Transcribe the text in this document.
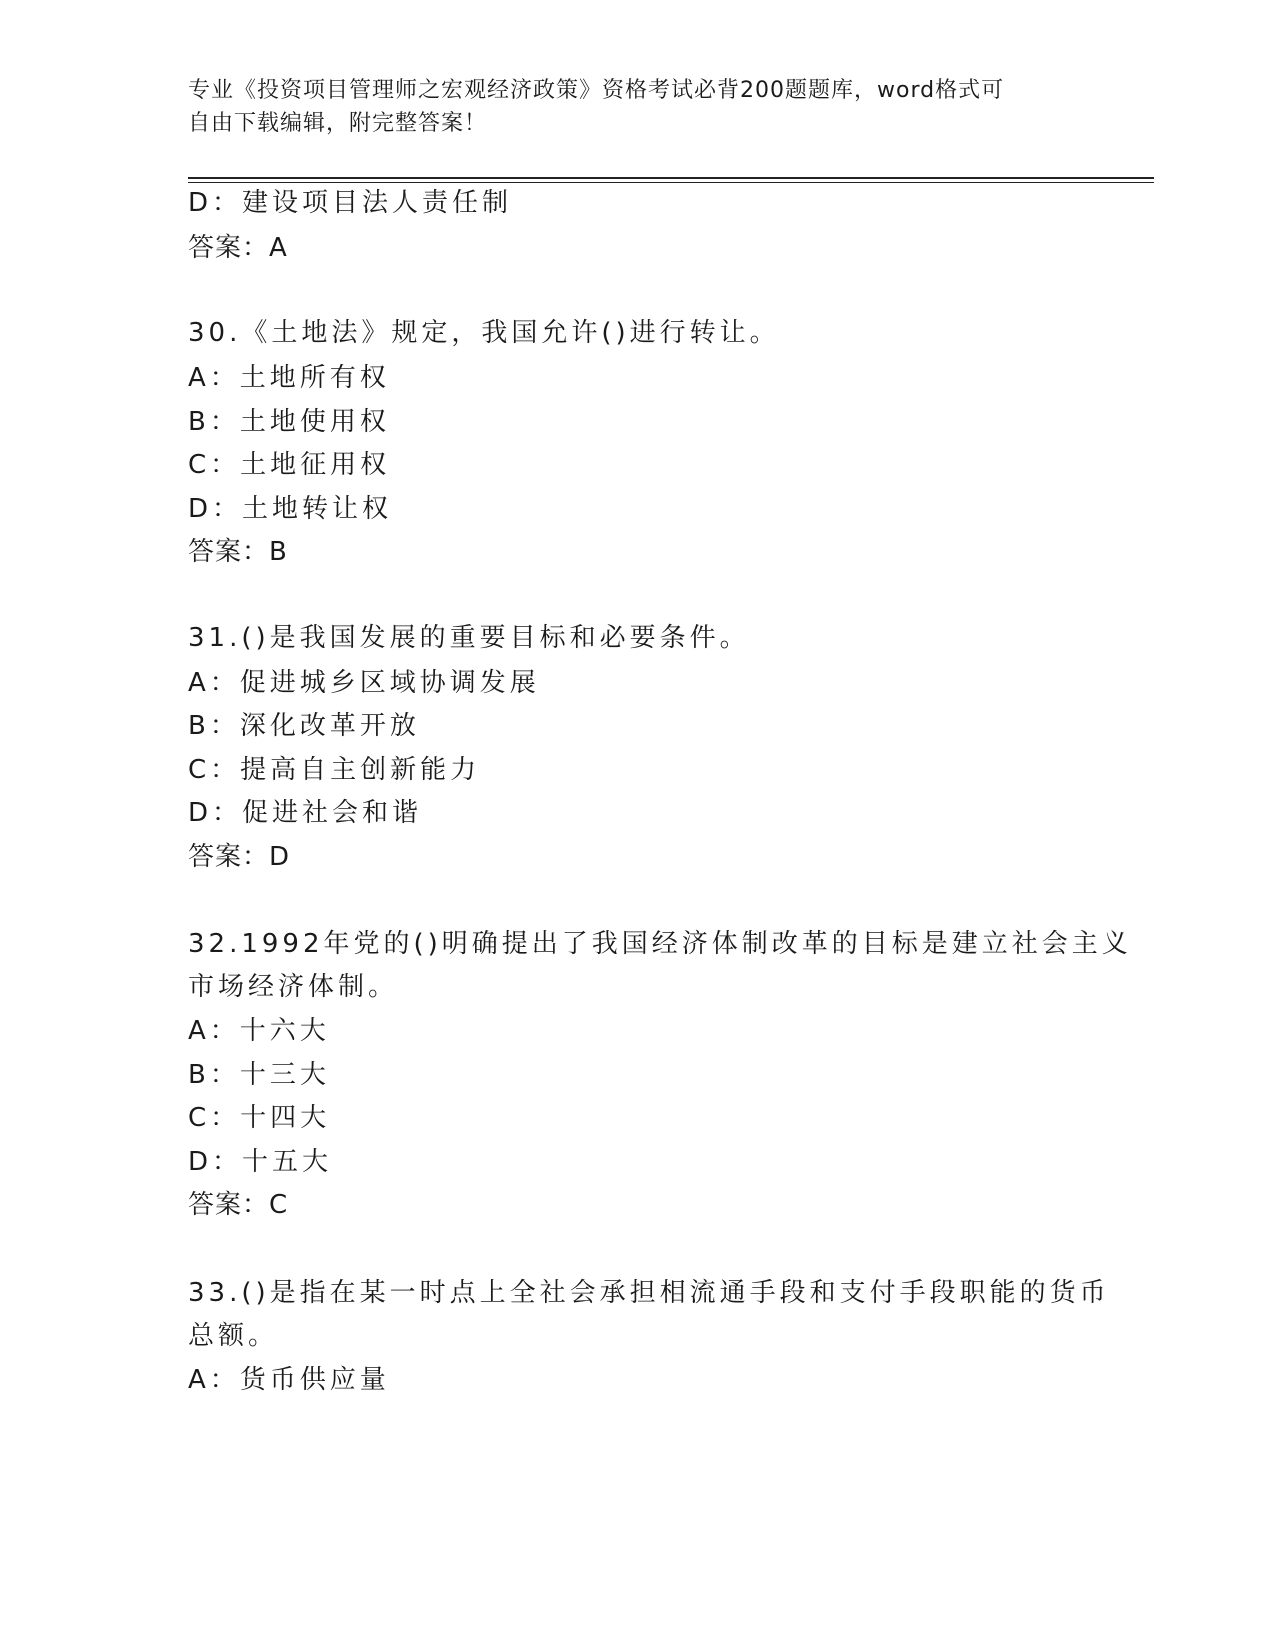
专业《投资项目管理师之宏观经济政策》资格考试必背200题题库，word格式可
自由下载编辑，附完整答案！
D：建设项目法人责任制
答案：A
30.《土地法》规定，我国允许()进行转让。
A：土地所有权
B：土地使用权
C：土地征用权
D：土地转让权
答案：B
31.()是我国发展的重要目标和必要条件。
A：促进城乡区域协调发展
B：深化改革开放
C：提高自主创新能力
D：促进社会和谐
答案：D
32.1992年党的()明确提出了我国经济体制改革的目标是建立社会主义
市场经济体制。
A：十六大
B：十三大
C：十四大
D：十五大
答案：C
33.()是指在某一时点上全社会承担相流通手段和支付手段职能的货币
总额。
A：货币供应量
